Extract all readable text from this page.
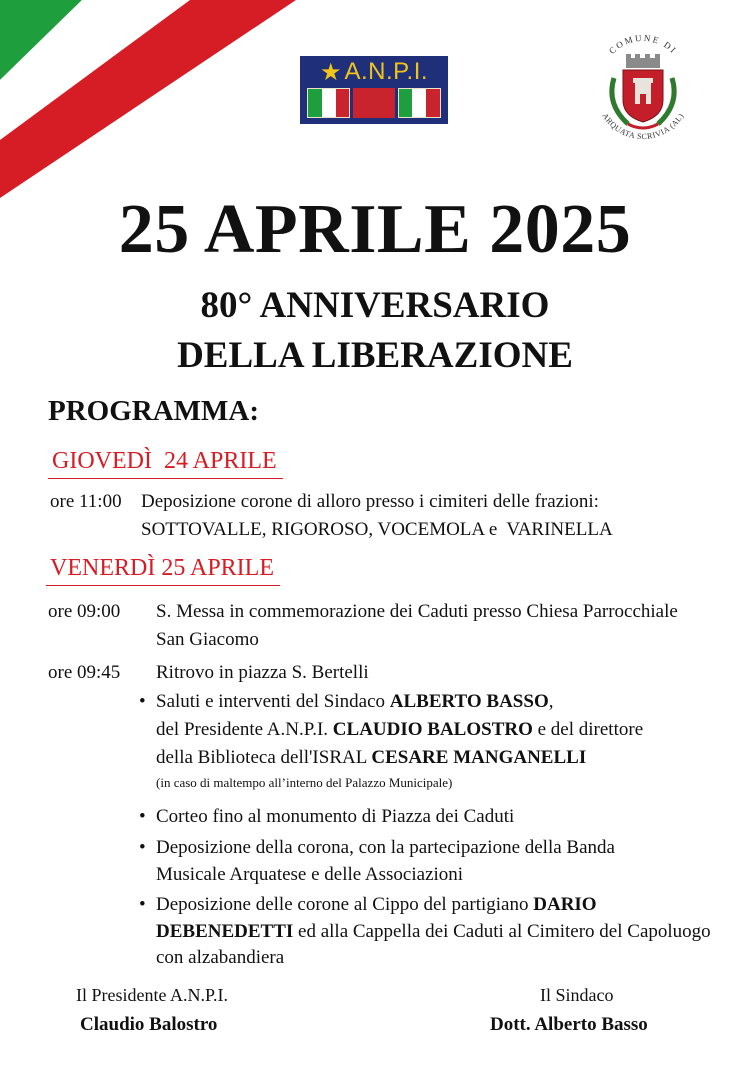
★ A.N.P.I.
COMUNE DI
ARQUATA SCRIVIA (AL)
25 APRILE 2025
80° ANNIVERSARIO
DELLA LIBERAZIONE
PROGRAMMA:
GIOVEDÌ  24 APRILE
ore 11:00 Deposizione corone di alloro presso i cimiteri delle frazioni:
SOTTOVALLE, RIGOROSO, VOCEMOLA e  VARINELLA
VENERDÌ 25 APRILE
ore 09:00 S. Messa in commemorazione dei Caduti presso Chiesa Parrocchiale
San Giacomo
ore 09:45 Ritrovo in piazza S. Bertelli
• Saluti e interventi del Sindaco ALBERTO BASSO,
del Presidente A.N.P.I. CLAUDIO BALOSTRO e del direttore
della Biblioteca dell'ISRAL CESARE MANGANELLI
(in caso di maltempo all’interno del Palazzo Municipale)
• Corteo fino al monumento di Piazza dei Caduti
• Deposizione della corona, con la partecipazione della Banda
Musicale Arquatese e delle Associazioni
• Deposizione delle corone al Cippo del partigiano DARIO
DEBENEDETTI ed alla Cappella dei Caduti al Cimitero del Capoluogo
con alzabandiera
Il Presidente A.N.P.I.
Claudio Balostro
Il Sindaco
Dott. Alberto Basso
